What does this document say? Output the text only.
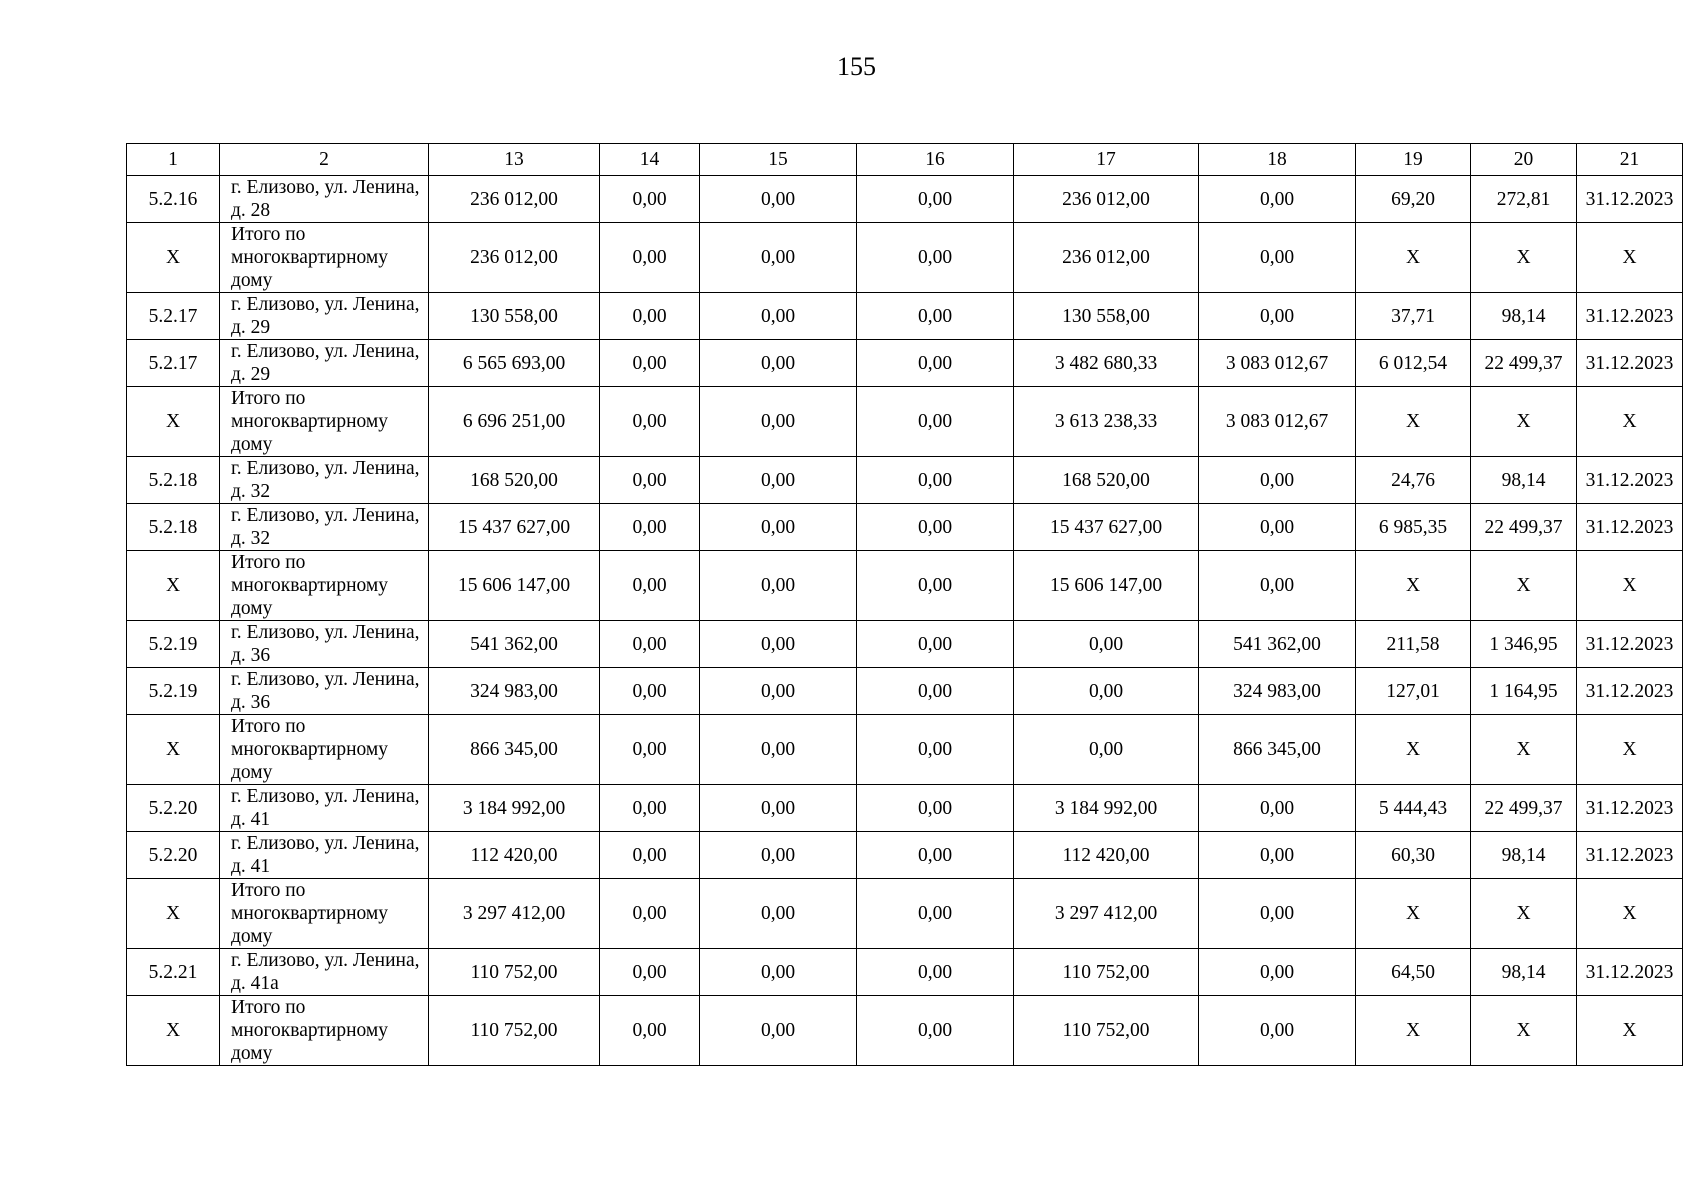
155
1	2	13	14	15	16	17	18	19	20	21
5.2.16	г. Елизово, ул. Ленина, д. 28	236 012,00	0,00	0,00	0,00	236 012,00	0,00	69,20	272,81	31.12.2023
X	Итого по многоквартирному дому	236 012,00	0,00	0,00	0,00	236 012,00	0,00	X	X	X
5.2.17	г. Елизово, ул. Ленина, д. 29	130 558,00	0,00	0,00	0,00	130 558,00	0,00	37,71	98,14	31.12.2023
5.2.17	г. Елизово, ул. Ленина, д. 29	6 565 693,00	0,00	0,00	0,00	3 482 680,33	3 083 012,67	6 012,54	22 499,37	31.12.2023
X	Итого по многоквартирному дому	6 696 251,00	0,00	0,00	0,00	3 613 238,33	3 083 012,67	X	X	X
5.2.18	г. Елизово, ул. Ленина, д. 32	168 520,00	0,00	0,00	0,00	168 520,00	0,00	24,76	98,14	31.12.2023
5.2.18	г. Елизово, ул. Ленина, д. 32	15 437 627,00	0,00	0,00	0,00	15 437 627,00	0,00	6 985,35	22 499,37	31.12.2023
X	Итого по многоквартирному дому	15 606 147,00	0,00	0,00	0,00	15 606 147,00	0,00	X	X	X
5.2.19	г. Елизово, ул. Ленина, д. 36	541 362,00	0,00	0,00	0,00	0,00	541 362,00	211,58	1 346,95	31.12.2023
5.2.19	г. Елизово, ул. Ленина, д. 36	324 983,00	0,00	0,00	0,00	0,00	324 983,00	127,01	1 164,95	31.12.2023
X	Итого по многоквартирному дому	866 345,00	0,00	0,00	0,00	0,00	866 345,00	X	X	X
5.2.20	г. Елизово, ул. Ленина, д. 41	3 184 992,00	0,00	0,00	0,00	3 184 992,00	0,00	5 444,43	22 499,37	31.12.2023
5.2.20	г. Елизово, ул. Ленина, д. 41	112 420,00	0,00	0,00	0,00	112 420,00	0,00	60,30	98,14	31.12.2023
X	Итого по многоквартирному дому	3 297 412,00	0,00	0,00	0,00	3 297 412,00	0,00	X	X	X
5.2.21	г. Елизово, ул. Ленина, д. 41а	110 752,00	0,00	0,00	0,00	110 752,00	0,00	64,50	98,14	31.12.2023
X	Итого по многоквартирному дому	110 752,00	0,00	0,00	0,00	110 752,00	0,00	X	X	X
